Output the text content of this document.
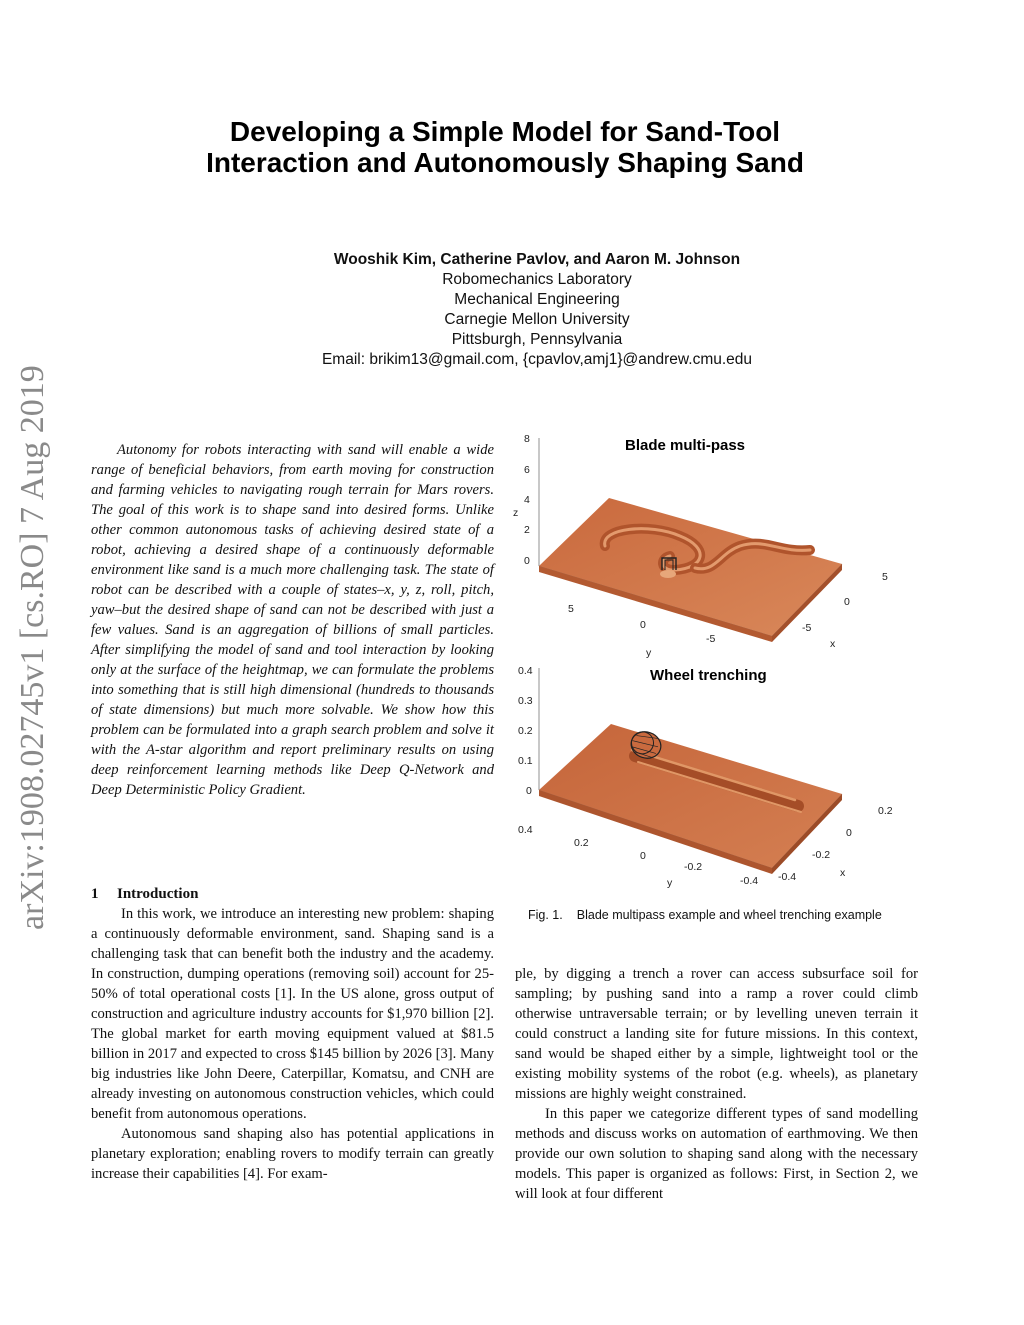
arXiv:1908.02745v1 [cs.RO] 7 Aug 2019
Developing a Simple Model for Sand-Tool
Interaction and Autonomously Shaping Sand
Wooshik Kim, Catherine Pavlov, and Aaron M. Johnson
Robomechanics Laboratory
Mechanical Engineering
Carnegie Mellon University
Pittsburgh, Pennsylvania
Email: brikim13@gmail.com, {cpavlov,amj1}@andrew.cmu.edu

Autonomy for robots interacting with sand will enable a wide range of beneficial behaviors, from earth moving for construction and farming vehicles to navigating rough terrain for Mars rovers. The goal of this work is to shape sand into desired forms. Unlike other common autonomous tasks of achieving desired state of a robot, achieving a desired shape of a continuously deformable environment like sand is a much more challenging task. The state of robot can be described with a couple of states–x, y, z, roll, pitch, yaw–but the desired shape of sand can not be described with just a few values. Sand is an aggregation of billions of small particles. After simplifying the model of sand and tool interaction by looking only at the surface of the heightmap, we can formulate the problems into something that is still high dimensional (hundreds to thousands of state dimensions) but much more solvable. We show how this problem can be formulated into a graph search problem and solve it with the A-star algorithm and report preliminary results on using deep reinforcement learning methods like Deep Q-Network and Deep Deterministic Policy Gradient.

1 Introduction

In this work, we introduce an interesting new problem: shaping a continuously deformable environment, sand. Shaping sand is a challenging task that can benefit both the industry and the academy. In construction, dumping operations (removing soil) account for 25-50% of total operational costs [1]. In the US alone, gross output of construction and agriculture industry accounts for $1,970 billion [2]. The global market for earth moving equipment valued at $81.5 billion in 2017 and expected to cross $145 billion by 2026 [3]. Many big industries like John Deere, Caterpillar, Komatsu, and CNH are already investing on autonomous construction vehicles, which could benefit from autonomous operations.

Autonomous sand shaping also has potential applications in planetary exploration; enabling rovers to modify terrain can greatly increase their capabilities [4]. For exam-

ple, by digging a trench a rover can access subsurface soil for sampling; by pushing sand into a ramp a rover could climb otherwise untraversable terrain; or by levelling uneven terrain it could construct a landing site for future missions. In this context, sand would be shaped either by a simple, lightweight tool or the existing mobility systems of the robot (e.g. wheels), as planetary missions are highly weight constrained.

In this paper we categorize different types of sand modelling methods and discuss works on automation of earthmoving. We then provide our own solution to shaping sand along with the necessary models. This paper is organized as follows: First, in Section 2, we will look at four different

Blade multi-pass
8
6
4
2
0
z
5
0
-5
y
5
0
-5
x
Wheel trenching
0.4
0.3
0.2
0.1
0
0.4
0.2
0
-0.2
-0.4
y
0.2
0
-0.2
-0.4	x
Fig. 1. Blade multipass example and wheel trenching example
